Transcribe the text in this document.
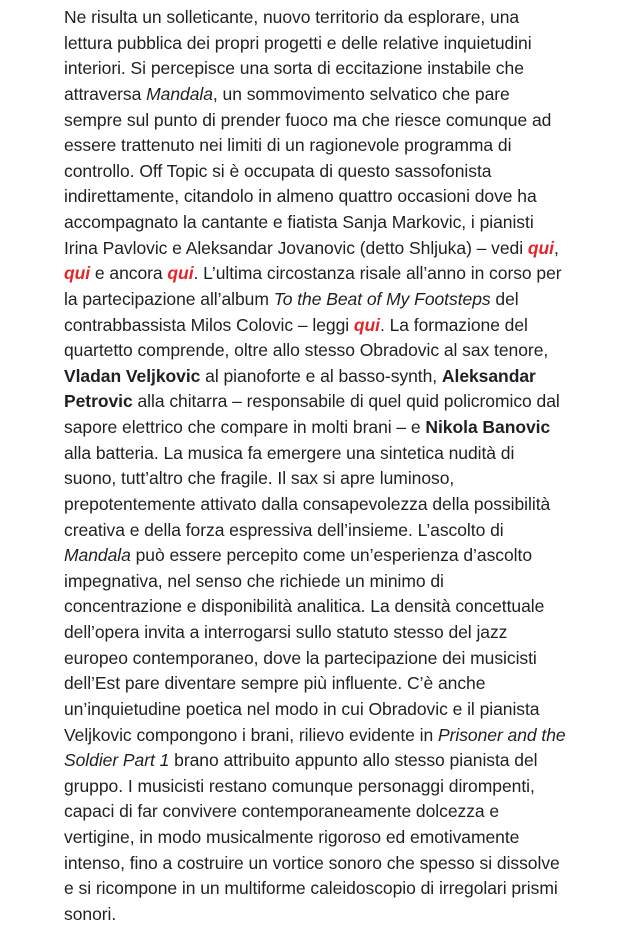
Ne risulta un solleticante, nuovo territorio da esplorare, una
lettura pubblica dei propri progetti e delle relative inquietudini
interiori. Si percepisce una sorta di eccitazione instabile che
attraversa Mandala, un sommovimento selvatico che pare
sempre sul punto di prender fuoco ma che riesce comunque ad
essere trattenuto nei limiti di un ragionevole programma di
controllo. Off Topic si è occupata di questo sassofonista
indirettamente, citandolo in almeno quattro occasioni dove ha
accompagnato la cantante e fiatista Sanja Markovic, i pianisti
Irina Pavlovic e Aleksandar Jovanovic (detto Shljuka) – vedi qui,
qui e ancora qui. L’ultima circostanza risale all’anno in corso per
la partecipazione all’album To the Beat of My Footsteps del
contrabbassista Milos Colovic – leggi qui. La formazione del
quartetto comprende, oltre allo stesso Obradovic al sax tenore,
Vladan Veljkovic al pianoforte e al basso-synth, Aleksandar
Petrovic alla chitarra – responsabile di quel quid policromico dal
sapore elettrico che compare in molti brani – e Nikola Banovic
alla batteria. La musica fa emergere una sintetica nudità di
suono, tutt’altro che fragile. Il sax si apre luminoso,
prepotentemente attivato dalla consapevolezza della possibilità
creativa e della forza espressiva dell’insieme. L’ascolto di
Mandala può essere percepito come un’esperienza d’ascolto
impegnativa, nel senso che richiede un minimo di
concentrazione e disponibilità analitica. La densità concettuale
dell’opera invita a interrogarsi sullo statuto stesso del jazz
europeo contemporaneo, dove la partecipazione dei musicisti
dell’Est pare diventare sempre più influente. C’è anche
un’inquietudine poetica nel modo in cui Obradovic e il pianista
Veljkovic compongono i brani, rilievo evidente in Prisoner and the
Soldier Part 1 brano attribuito appunto allo stesso pianista del
gruppo. I musicisti restano comunque personaggi dirompenti,
capaci di far convivere contemporaneamente dolcezza e
vertigine, in modo musicalmente rigoroso ed emotivamente
intenso, fino a costruire un vortice sonoro che spesso si dissolve
e si ricompone in un multiforme caleidoscopio di irregolari prismi
sonori.
